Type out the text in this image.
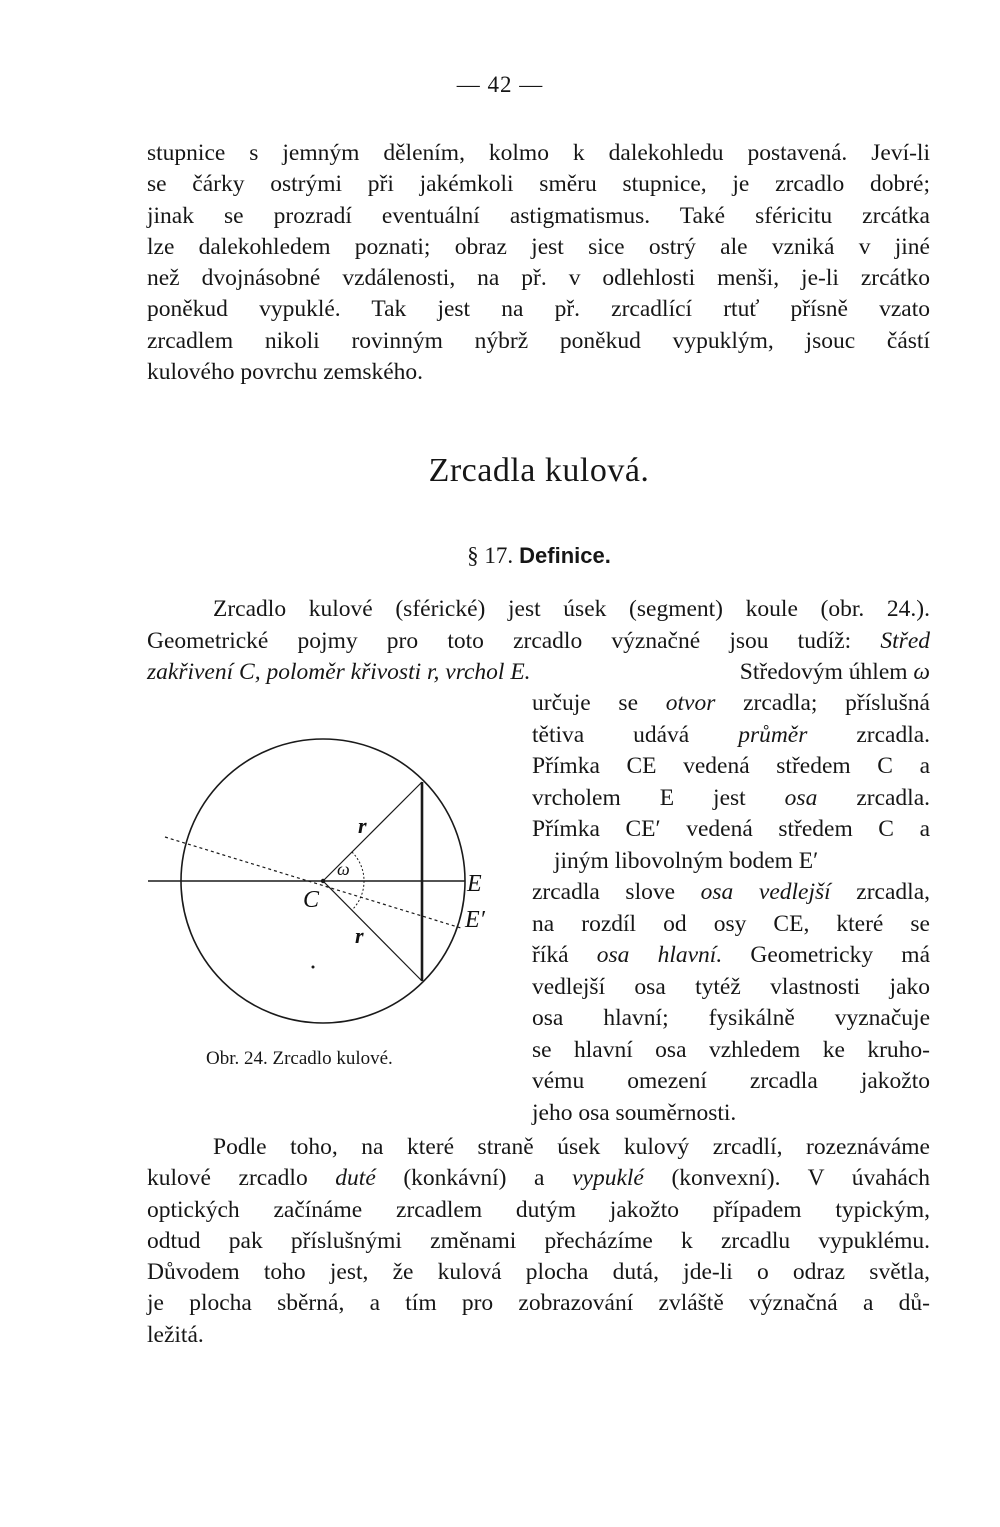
— 42 —

stupnice s jemným dělením, kolmo k dalekohledu postavená. Jeví-li
se čárky ostrými při jakémkoli směru stupnice, je zrcadlo dobré;
jinak se prozradí eventuální astigmatismus. Také sféricitu zrcátka
lze dalekohledem poznati; obraz jest sice ostrý ale vzniká v jiné
než dvojnásobné vzdálenosti, na př. v odlehlosti menši, je-li zrcátko
poněkud vypuklé. Tak jest na př. zrcadlící rtuť přísně vzato
zrcadlem nikoli rovinným nýbrž poněkud vypuklým, jsouc částí
kulového povrchu zemského.

Zrcadla kulová.
§ 17. Definice.
Zrcadlo kulové (sférické) jest úsek (segment) koule (obr. 24.).
Geometrické pojmy pro toto zrcadlo význačné jsou tudíž: Střed
zakřivení C, poloměr křivosti r, vrchol E.	Středovým úhlem ω
určuje se otvor zrcadla; příslušná
tětiva udává průměr zrcadla.
Přímka CE vedená středem C a
vrcholem E jest osa zrcadla.
Přímka CE′ vedená středem C a
jiným libovolným bodem E′
zrcadla slove osa vedlejší zrcadla,
na rozdíl od osy CE, které se
říká osa hlavní. Geometricky má
vedlejší osa tytéž vlastnosti jako
osa hlavní; fysikálně vyznačuje
se hlavní osa vzhledem ke kruho-
vému omezení zrcadla jakožto
jeho osa souměrnosti.
C
E
E′
r
r
ω
Obr. 24. Zrcadlo kulové.
Podle toho, na které straně úsek kulový zrcadlí, rozeznáváme
kulové zrcadlo duté (konkávní) a vypuklé (konvexní). V úvahách
optických začínáme zrcadlem dutým jakožto případem typickým,
odtud pak příslušnými změnami přecházíme k zrcadlu vypuklému.
Důvodem toho jest, že kulová plocha dutá, jde-li o odraz světla,
je plocha sběrná, a tím pro zobrazování zvláště význačná a dů-
ležitá.
